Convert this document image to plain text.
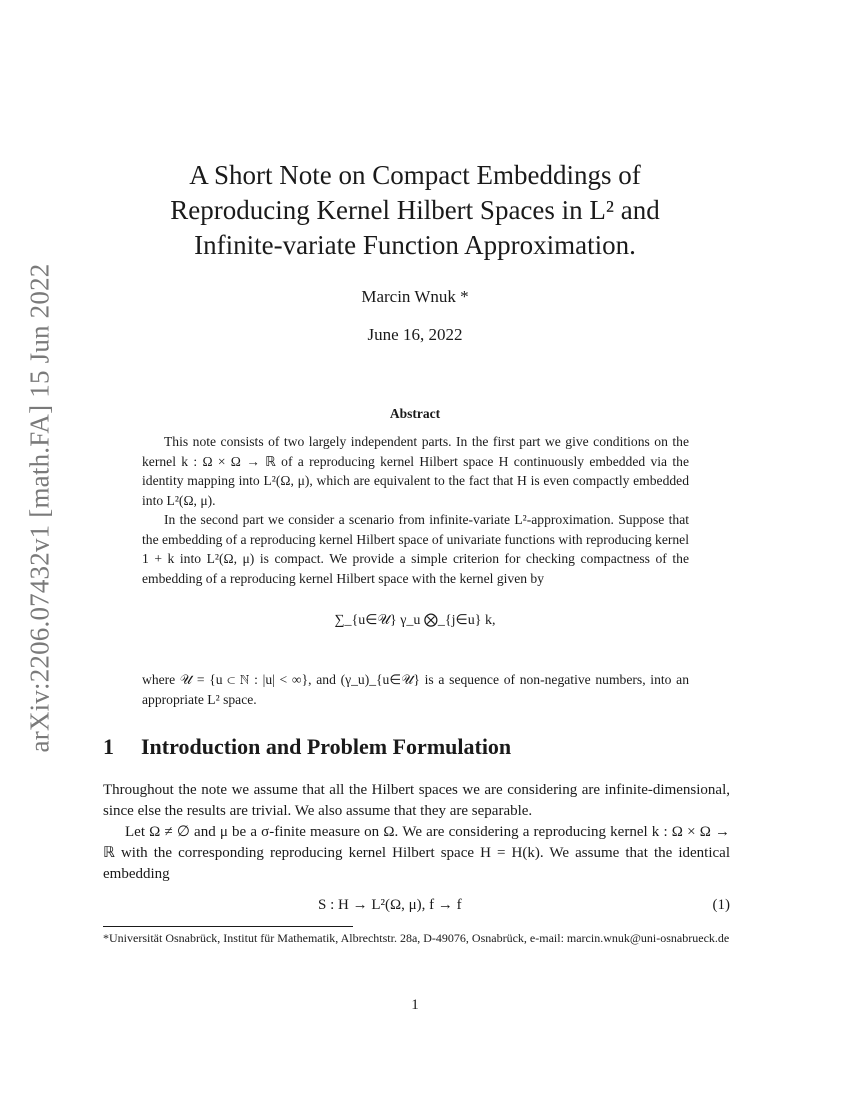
arXiv:2206.07432v1 [math.FA] 15 Jun 2022
A Short Note on Compact Embeddings of
Reproducing Kernel Hilbert Spaces in L² and
Infinite-variate Function Approximation.
Marcin Wnuk *
June 16, 2022
Abstract
This note consists of two largely independent parts. In the first part we give conditions on the kernel k : Ω × Ω → ℝ of a reproducing kernel Hilbert space H continuously embedded via the identity mapping into L²(Ω, μ), which are equivalent to the fact that H is even compactly embedded into L²(Ω, μ).
In the second part we consider a scenario from infinite-variate L²-approximation. Suppose that the embedding of a reproducing kernel Hilbert space of univariate functions with reproducing kernel 1 + k into L²(Ω, μ) is compact. We provide a simple criterion for checking compactness of the embedding of a reproducing kernel Hilbert space with the kernel given by
∑_{u∈𝒰} γ_u ⨂_{j∈u} k,
where 𝒰 = {u ⊂ ℕ : |u| < ∞}, and (γ_u)_{u∈𝒰} is a sequence of non-negative numbers, into an appropriate L² space.
1 Introduction and Problem Formulation
Throughout the note we assume that all the Hilbert spaces we are considering are infinite-dimensional, since else the results are trivial. We also assume that they are separable.
Let Ω ≠ ∅ and μ be a σ-finite measure on Ω. We are considering a reproducing kernel k : Ω × Ω → ℝ with the corresponding reproducing kernel Hilbert space H = H(k). We assume that the identical embedding
S : H → L²(Ω, μ), f → f	(1)
*Universität Osnabrück, Institut für Mathematik, Albrechtstr. 28a, D-49076, Osnabrück, e-mail: marcin.wnuk@uni-osnabrueck.de
1
